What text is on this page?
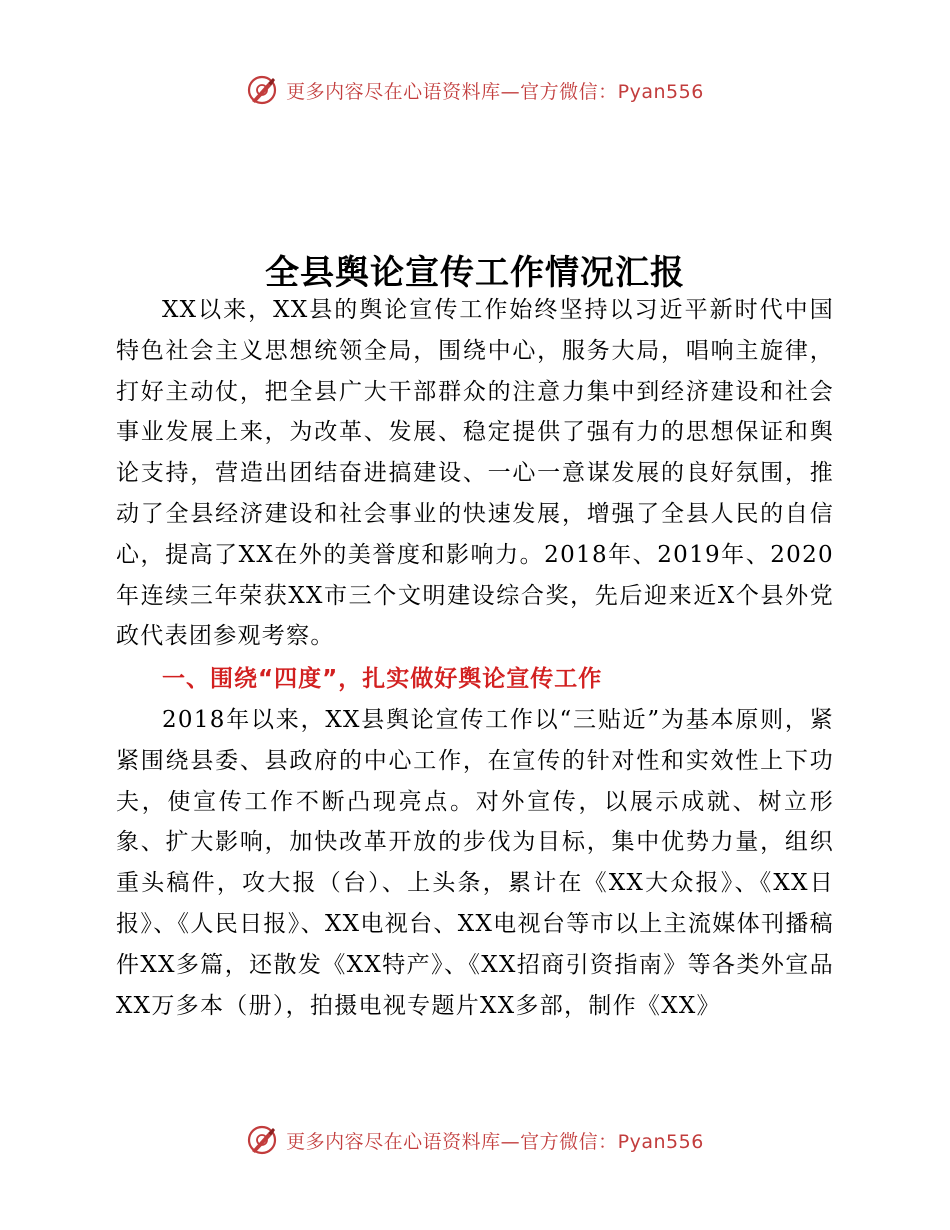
更多内容尽在心语资料库—官方微信：Pyan556
全县舆论宣传工作情况汇报

XX以来，XX县的舆论宣传工作始终坚持以习近平新时代中国特色社会主义思想统领全局，围绕中心，服务大局，唱响主旋律，打好主动仗，把全县广大干部群众的注意力集中到经济建设和社会事业发展上来，为改革、发展、稳定提供了强有力的思想保证和舆论支持，营造出团结奋进搞建设、一心一意谋发展的良好氛围，推动了全县经济建设和社会事业的快速发展，增强了全县人民的自信心，提高了XX在外的美誉度和影响力。2018年、2019年、2020年连续三年荣获XX市三个文明建设综合奖，先后迎来近X个县外党政代表团参观考察。

一、围绕“四度”，扎实做好舆论宣传工作

2018年以来，XX县舆论宣传工作以“三贴近”为基本原则，紧紧围绕县委、县政府的中心工作，在宣传的针对性和实效性上下功夫，使宣传工作不断凸现亮点。对外宣传，以展示成就、树立形象、扩大影响，加快改革开放的步伐为目标，集中优势力量，组织重头稿件，攻大报（台）、上头条，累计在《XX大众报》、《XX日报》、《人民日报》、XX电视台、XX电视台等市以上主流媒体刊播稿件XX多篇，还散发《XX特产》、《XX招商引资指南》等各类外宣品XX万多本（册），拍摄电视专题片XX多部，制作《XX》

更多内容尽在心语资料库—官方微信：Pyan556
